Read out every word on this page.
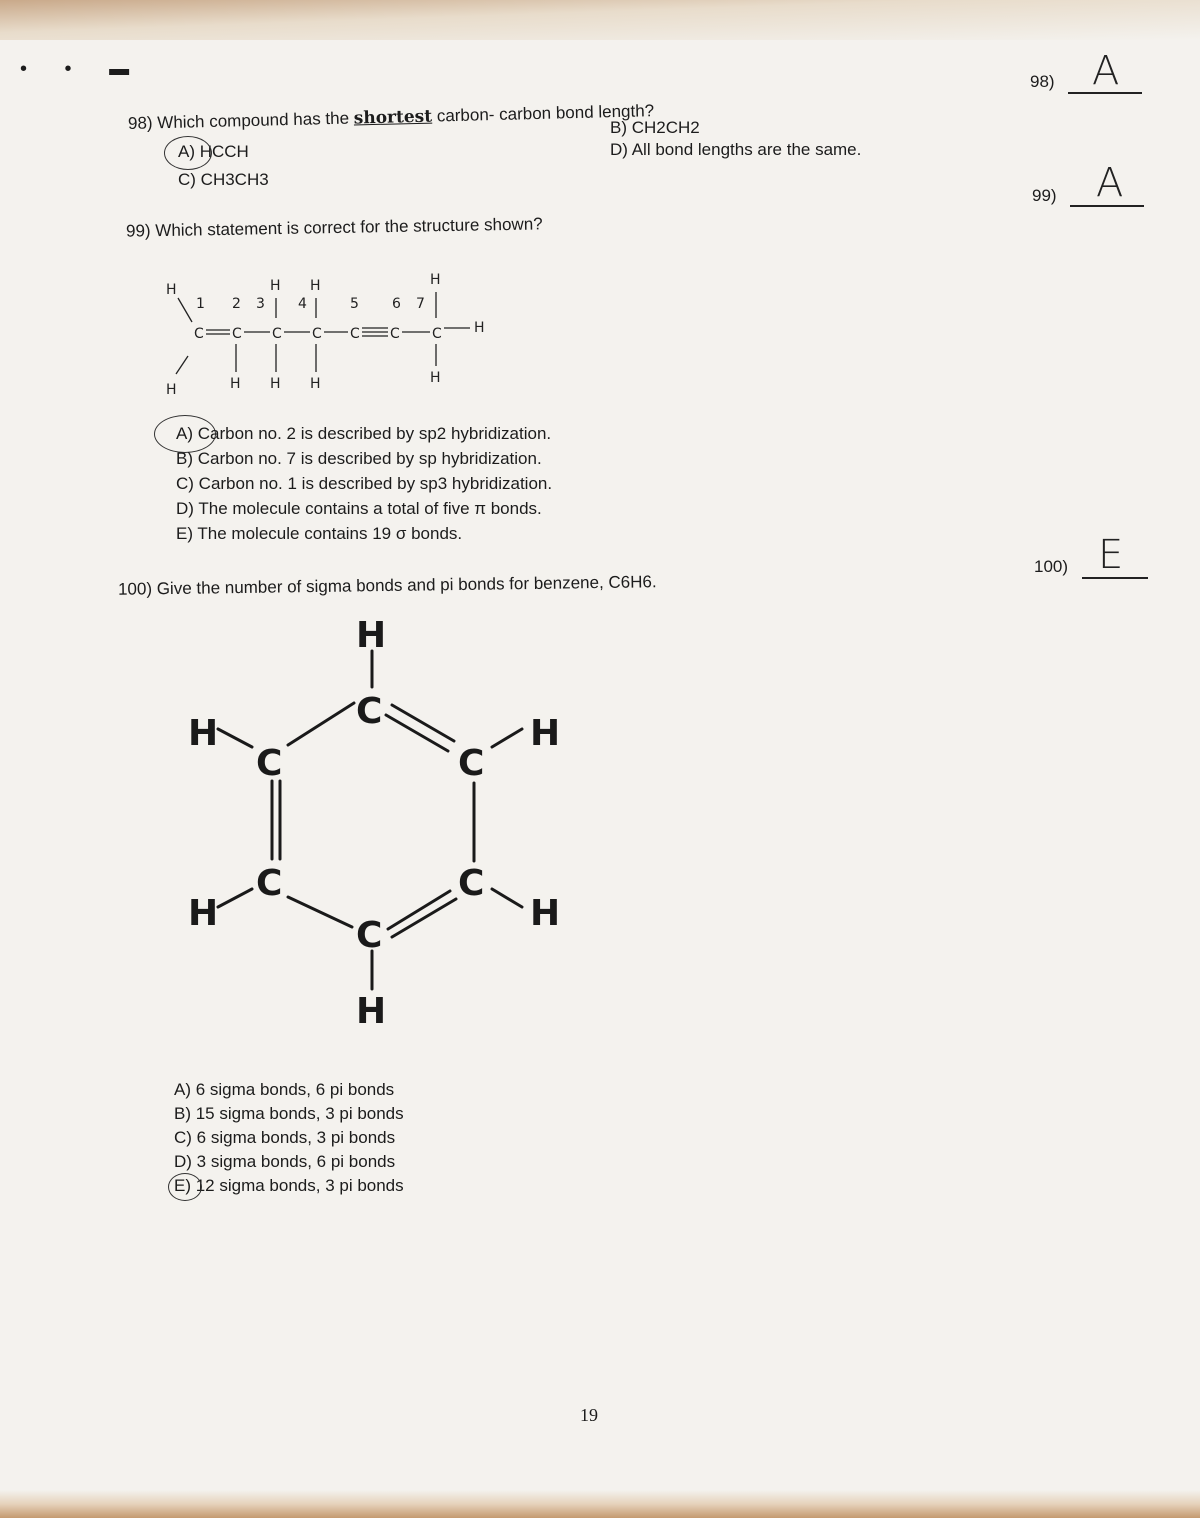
• • ▬
98) A
99) A
100) E
98) Which compound has the shortest carbon- carbon bond length?
A) HCCH
B) CH2CH2
C) CH3CH3
D) All bond lengths are the same.
99) Which statement is correct for the structure shown?
H
H
1 2 3 4	5 6 7
H H	H
C C C C C C C H
H H H	H
A) Carbon no. 2 is described by sp2 hybridization.
B) Carbon no. 7 is described by sp hybridization.
C) Carbon no. 1 is described by sp3 hybridization.
D) The molecule contains a total of five π bonds.
E) The molecule contains 19 σ bonds.
100) Give the number of sigma bonds and pi bonds for benzene, C6H6.
H
C
C	C
C	C
C
H
H	H
H	H
A) 6 sigma bonds, 6 pi bonds
B) 15 sigma bonds, 3 pi bonds
C) 6 sigma bonds, 3 pi bonds
D) 3 sigma bonds, 6 pi bonds
E) 12 sigma bonds, 3 pi bonds
19
